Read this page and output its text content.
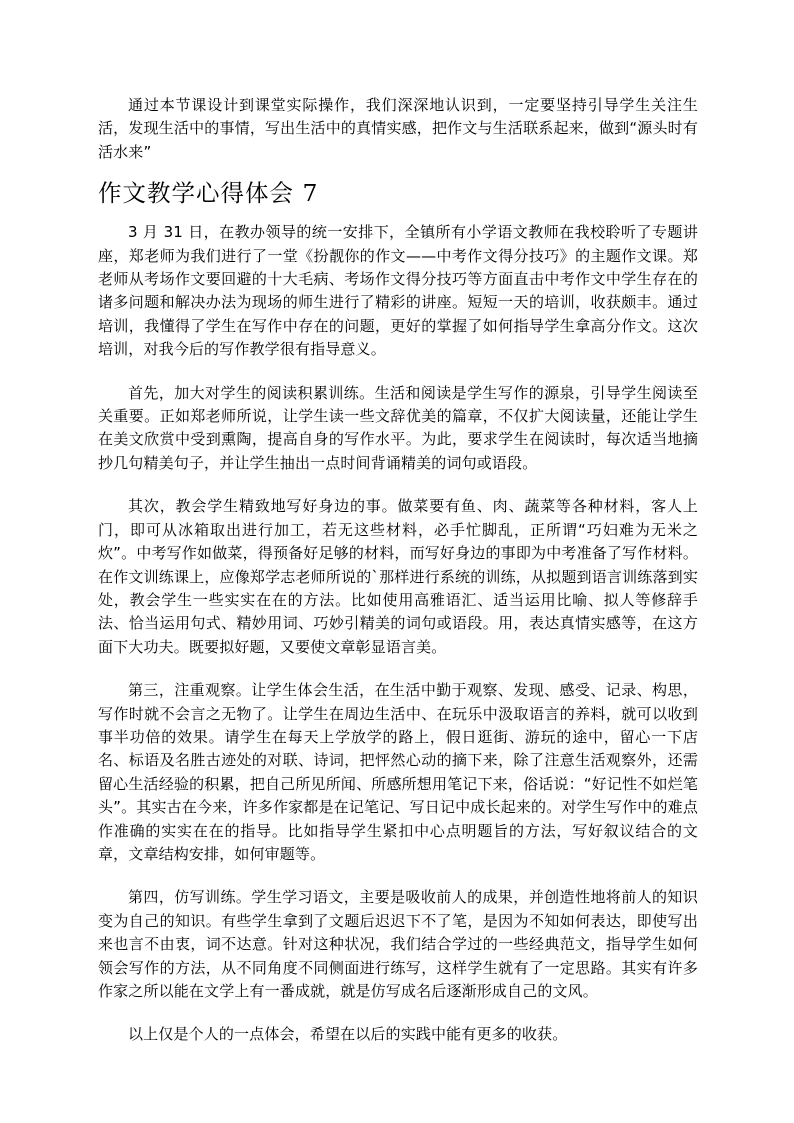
通过本节课设计到课堂实际操作，我们深深地认识到，一定要坚持引导学生关注生活，发现生活中的事情，写出生活中的真情实感，把作文与生活联系起来，做到“源头时有活水来”

作文教学心得体会 7

3 月 31 日，在教办领导的统一安排下，全镇所有小学语文教师在我校聆听了专题讲座，郑老师为我们进行了一堂《扮靓你的作文——中考作文得分技巧》的主题作文课。郑老师从考场作文要回避的十大毛病、考场作文得分技巧等方面直击中考作文中学生存在的诸多问题和解决办法为现场的师生进行了精彩的讲座。短短一天的培训，收获颇丰。通过培训，我懂得了学生在写作中存在的问题，更好的掌握了如何指导学生拿高分作文。这次培训，对我今后的写作教学很有指导意义。

首先，加大对学生的阅读积累训练。生活和阅读是学生写作的源泉，引导学生阅读至关重要。正如郑老师所说，让学生读一些文辞优美的篇章，不仅扩大阅读量，还能让学生在美文欣赏中受到熏陶，提高自身的写作水平。为此，要求学生在阅读时，每次适当地摘抄几句精美句子，并让学生抽出一点时间背诵精美的词句或语段。

其次，教会学生精致地写好身边的事。做菜要有鱼、肉、蔬菜等各种材料，客人上门，即可从冰箱取出进行加工，若无这些材料，必手忙脚乱，正所谓“巧妇难为无米之炊”。中考写作如做菜，得预备好足够的材料，而写好身边的事即为中考准备了写作材料。在作文训练课上，应像郑学志老师所说的`那样进行系统的训练，从拟题到语言训练落到实处，教会学生一些实实在在的方法。比如使用高雅语汇、适当运用比喻、拟人等修辞手法、恰当运用句式、精妙用词、巧妙引精美的词句或语段。用，表达真情实感等，在这方面下大功夫。既要拟好题，又要使文章彰显语言美。

第三，注重观察。让学生体会生活，在生活中勤于观察、发现、感受、记录、构思，写作时就不会言之无物了。让学生在周边生活中、在玩乐中汲取语言的养料，就可以收到事半功倍的效果。请学生在每天上学放学的路上，假日逛街、游玩的途中，留心一下店名、标语及名胜古迹处的对联、诗词，把怦然心动的摘下来，除了注意生活观察外，还需留心生活经验的积累，把自己所见所闻、所感所想用笔记下来，俗话说：“好记性不如烂笔头”。其实古在今来，许多作家都是在记笔记、写日记中成长起来的。对学生写作中的难点作准确的实实在在的指导。比如指导学生紧扣中心点明题旨的方法，写好叙议结合的文章，文章结构安排，如何审题等。

第四，仿写训练。学生学习语文，主要是吸收前人的成果，并创造性地将前人的知识变为自己的知识。有些学生拿到了文题后迟迟下不了笔，是因为不知如何表达，即使写出来也言不由衷，词不达意。针对这种状况，我们结合学过的一些经典范文，指导学生如何领会写作的方法，从不同角度不同侧面进行练写，这样学生就有了一定思路。其实有许多作家之所以能在文学上有一番成就，就是仿写成名后逐渐形成自己的文风。

以上仅是个人的一点体会，希望在以后的实践中能有更多的收获。
